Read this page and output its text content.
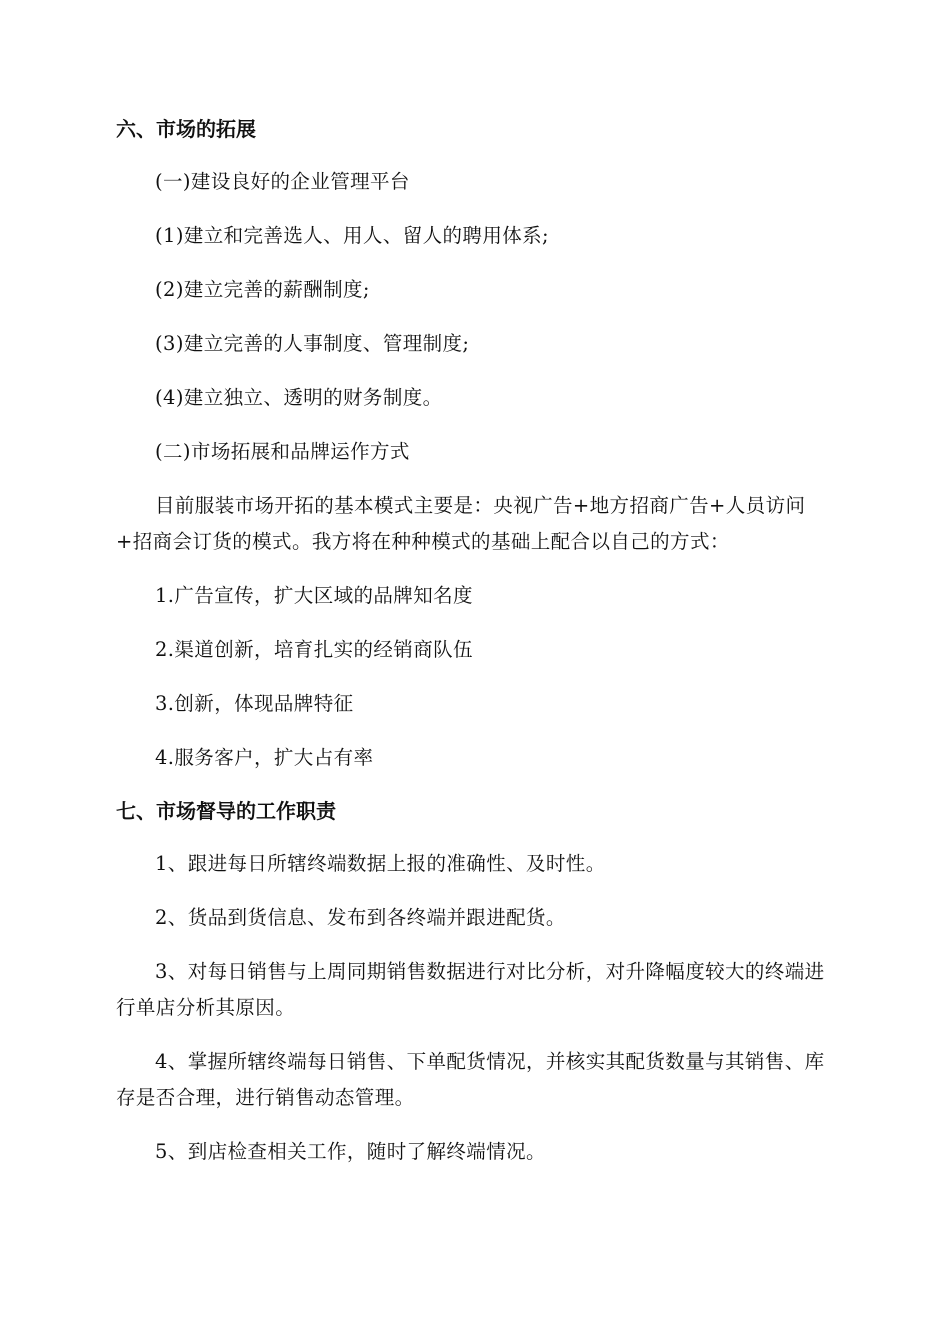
六、市场的拓展

(一)建设良好的企业管理平台

(1)建立和完善选人、用人、留人的聘用体系;

(2)建立完善的薪酬制度;

(3)建立完善的人事制度、管理制度;

(4)建立独立、透明的财务制度。

(二)市场拓展和品牌运作方式

目前服装市场开拓的基本模式主要是：央视广告+地方招商广告+人员访问+招商会订货的模式。我方将在种种模式的基础上配合以自己的方式：

1.广告宣传，扩大区域的品牌知名度

2.渠道创新，培育扎实的经销商队伍

3.创新，体现品牌特征

4.服务客户，扩大占有率

七、市场督导的工作职责

1、跟进每日所辖终端数据上报的准确性、及时性。

2、货品到货信息、发布到各终端并跟进配货。

3、对每日销售与上周同期销售数据进行对比分析，对升降幅度较大的终端进行单店分析其原因。

4、掌握所辖终端每日销售、下单配货情况，并核实其配货数量与其销售、库存是否合理，进行销售动态管理。

5、到店检查相关工作，随时了解终端情况。
